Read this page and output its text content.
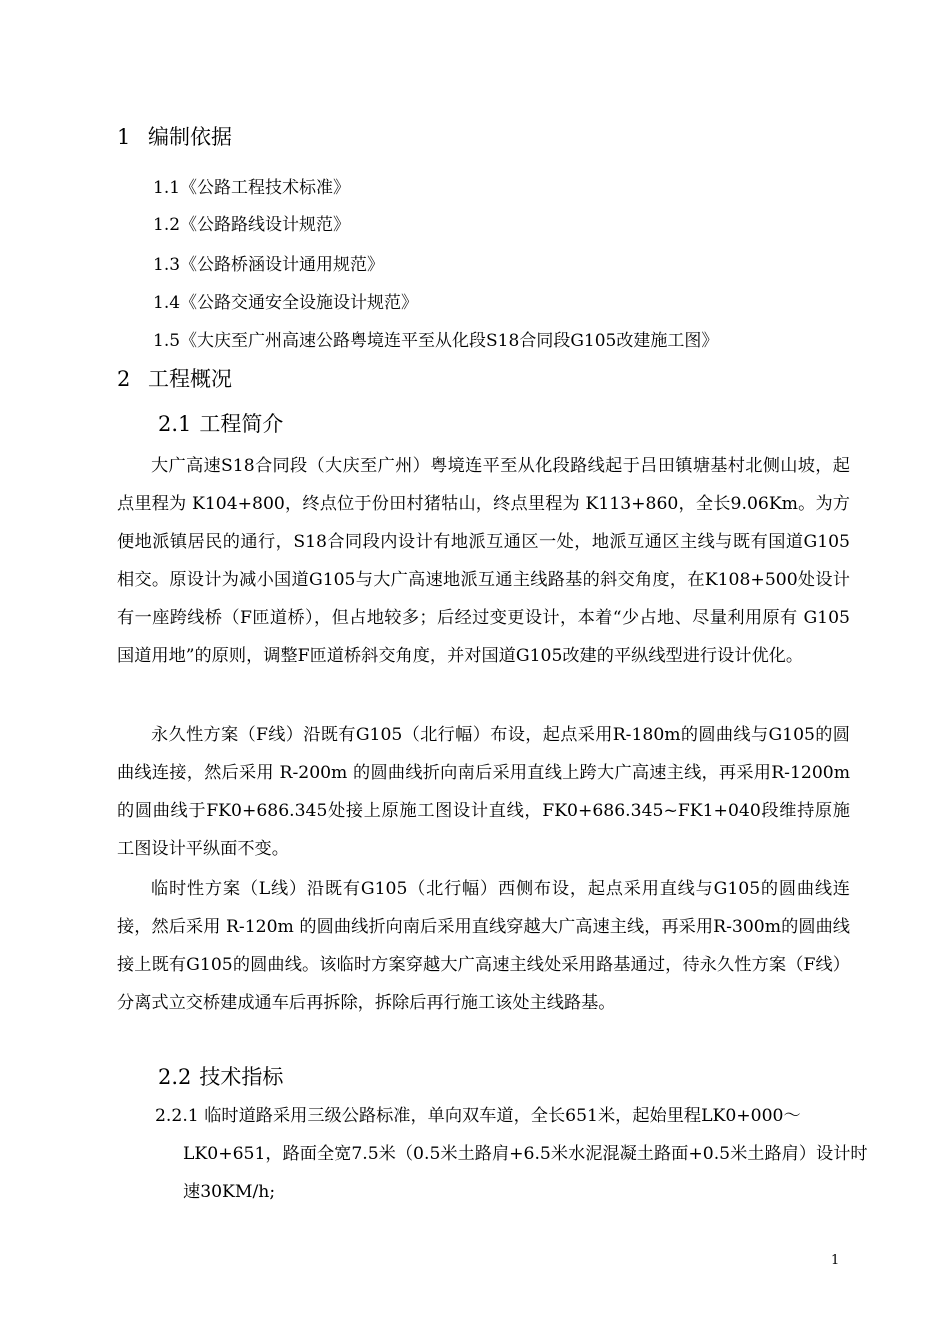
1 编制依据
1.1《公路工程技术标准》
1.2《公路路线设计规范》
1.3《公路桥涵设计通用规范》
1.4《公路交通安全设施设计规范》
1.5《大庆至广州高速公路粤境连平至从化段S18合同段G105改建施工图》
2 工程概况
2.1 工程简介

大广高速S18合同段（大庆至广州）粤境连平至从化段路线起于吕田镇塘基村北侧山坡，起点里程为 K104+800，终点位于份田村猪牯山，终点里程为 K113+860，全长9.06Km。为方便地派镇居民的通行，S18合同段内设计有地派互通区一处，地派互通区主线与既有国道G105相交。原设计为减小国道G105与大广高速地派互通主线路基的斜交角度，在K108+500处设计有一座跨线桥（F匝道桥），但占地较多；后经过变更设计，本着“少占地、尽量利用原有 G105国道用地”的原则，调整F匝道桥斜交角度，并对国道G105改建的平纵线型进行设计优化。

永久性方案（F线）沿既有G105（北行幅）布设，起点采用R-180m的圆曲线与G105的圆曲线连接，然后采用 R-200m 的圆曲线折向南后采用直线上跨大广高速主线，再采用R-1200m的圆曲线于FK0+686.345处接上原施工图设计直线，FK0+686.345~FK1+040段维持原施工图设计平纵面不变。

临时性方案（L线）沿既有G105（北行幅）西侧布设，起点采用直线与G105的圆曲线连接，然后采用 R-120m 的圆曲线折向南后采用直线穿越大广高速主线，再采用R-300m的圆曲线接上既有G105的圆曲线。该临时方案穿越大广高速主线处采用路基通过，待永久性方案（F线）分离式立交桥建成通车后再拆除，拆除后再行施工该处主线路基。

2.2 技术指标

2.2.1 临时道路采用三级公路标准，单向双车道，全长651米，起始里程LK0+000～LK0+651，路面全宽7.5米（0.5米土路肩+6.5米水泥混凝土路面+0.5米土路肩）设计时速30KM/h;

1
